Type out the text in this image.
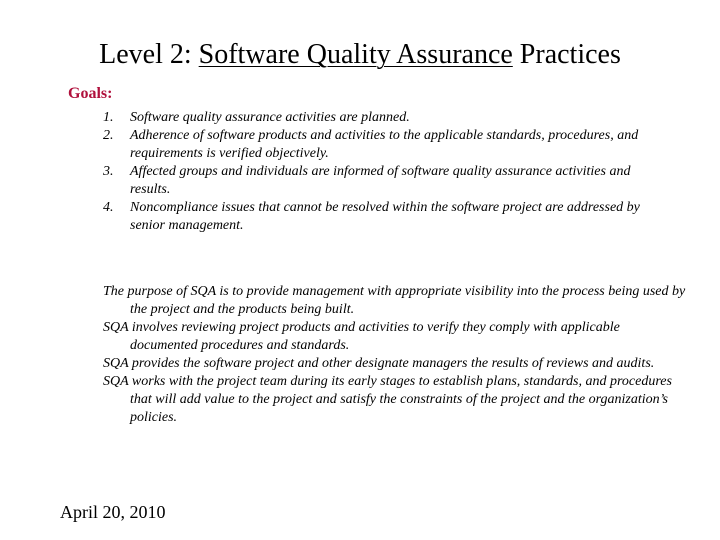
Level 2: Software Quality Assurance Practices
Goals:
1. Software quality assurance activities are planned.
2. Adherence of software products and activities to the applicable standards, procedures, and requirements is verified objectively.
3. Affected groups and individuals are informed of software quality assurance activities and results.
4. Noncompliance issues that cannot be resolved within the software project are addressed by senior management.

The purpose of SQA is to provide management with appropriate visibility into the process being used by the project and the products being built.

SQA involves reviewing project products and activities to verify they comply with applicable documented procedures and standards.

SQA provides the software project and other designate managers the results of reviews and audits.

SQA works with the project team during its early stages to establish plans, standards, and procedures that will add value to the project and satisfy the constraints of the project and the organization’s policies.

April 20, 2010
